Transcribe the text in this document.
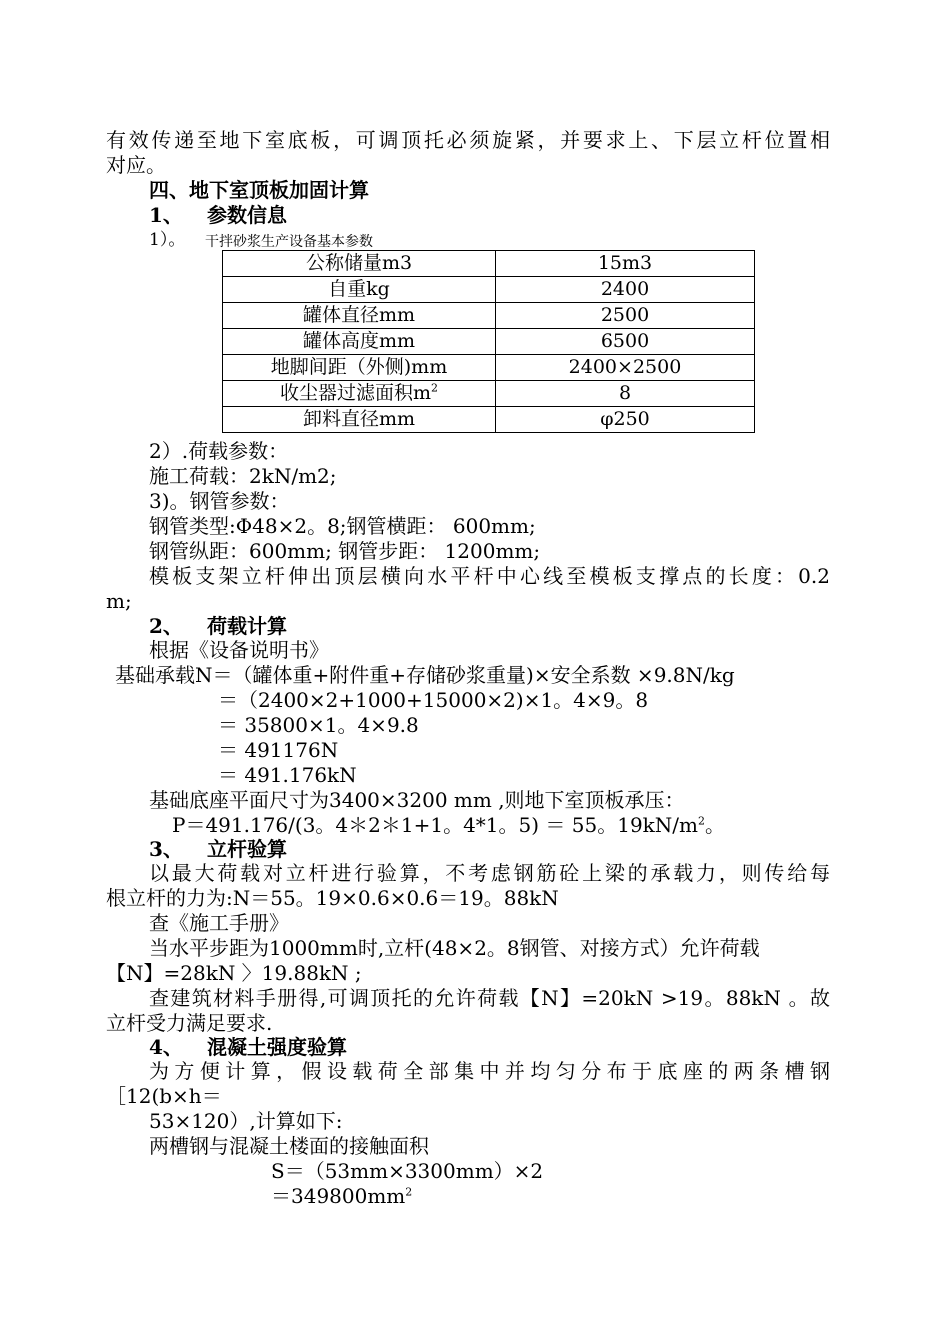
有效传递至地下室底板，可调顶托必须旋紧，并要求上、下层立杆位置相
对应。
四、地下室顶板加固计算
1、 参数信息
1）。 干拌砂浆生产设备基本参数
公称储量m3	15m3
自重kg	2400
罐体直径mm	2500
罐体高度mm	6500
地脚间距（外侧)mm	2400×2500
收尘器过滤面积$m^2$	8
卸料直径mm	φ250
2）.荷载参数：
施工荷载：2kN/m2;
3)。钢管参数：
钢管类型:Φ48×2。8;钢管横距： 600mm;
钢管纵距：600mm; 钢管步距： 1200mm;
模板支架立杆伸出顶层横向水平杆中心线至模板支撑点的长度：0.2
m;
2、 荷载计算
根据《设备说明书》
基础承载N＝（罐体重+附件重+存储砂浆重量)×安全系数 ×9.8N/kg
＝（2400×2+1000+15000×2)×1。4×9。8
＝ 35800×1。4×9.8
＝ 491176N
＝ 491.176kN
基础底座平面尺寸为3400×3200 mm ,则地下室顶板承压：
P＝491.176/(3。4＊2＊1+1。4*1。5) ＝ 55。$19kN/m^2$。
3、 立杆验算
以最大荷载对立杆进行验算，不考虑钢筋砼上梁的承载力，则传给每
根立杆的力为:N＝55。19×0.6×0.6＝19。88kN
查《施工手册》
当水平步距为1000mm时,立杆(48×2。8钢管、对接方式）允许荷载
【N】=28kN 〉19.88kN ;
查建筑材料手册得,可调顶托的允许荷载【N】=20kN >19。88kN 。故
立杆受力满足要求.
4、 混凝土强度验算
为方便计算，假设载荷全部集中并均匀分布于底座的两条槽钢
［12(b×h＝
53×120）,计算如下:
两槽钢与混凝土楼面的接触面积
S＝（53mm×3300mm）×2
$=349800mm^2$
